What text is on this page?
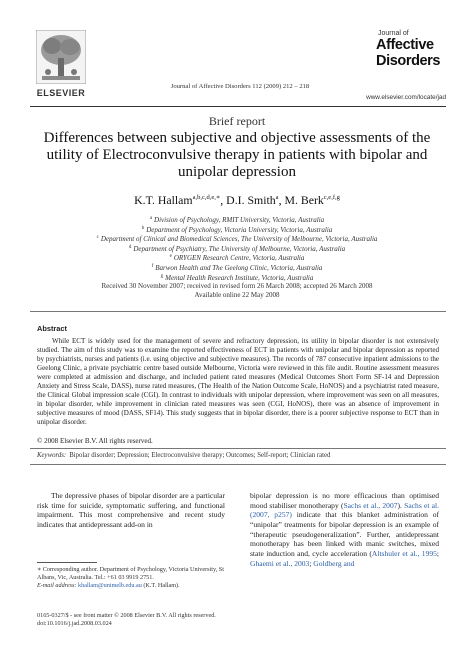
ELSEVIER
Journal of Affective Disorders 112 (2009) 212 – 218
Journal of
Affective
Disorders
www.elsevier.com/locate/jad
Brief report
Differences between subjective and objective assessments of the utility of Electroconvulsive therapy in patients with bipolar and unipolar depression
K.T. Hallam$^{a,b,c,d,e,∗}$, D.I. Smith$^a$, M. Berk$^{c,e,f,g}$
$^a$ Division of Psychology, RMIT University, Victoria, Australia
$^b$ Department of Psychology, Victoria University, Victoria, Australia
$^c$ Department of Clinical and Biomedical Sciences, The University of Melbourne, Victoria, Australia
$^d$ Department of Psychiatry, The University of Melbourne, Victoria, Australia
$^e$ ORYGEN Research Centre, Victoria, Australia
$^f$ Barwon Health and The Geelong Clinic, Victoria, Australia
$^g$ Mental Health Research Institute, Victoria, Australia
Received 30 November 2007; received in revised form 26 March 2008; accepted 26 March 2008
Available online 22 May 2008
Abstract
While ECT is widely used for the management of severe and refractory depression, its utility in bipolar disorder is not extensively studied. The aim of this study was to examine the reported effectiveness of ECT in patients with unipolar and bipolar depression as reported by psychiatrists, nurses and patients (i.e. using objective and subjective measures). The records of 787 consecutive inpatient admissions to the Geelong Clinic, a private psychiatric centre based outside Melbourne, Victoria were reviewed in this file audit. Routine assessment measures were completed at admission and discharge, and included patient rated measures (Medical Outcomes Short Form SF-14 and Depression Anxiety and Stress Scale, DASS), nurse rated measures, (The Health of the Nation Outcome Scale, HoNOS) and a psychiatrist rated measure, the Clinical Global impression scale (CGI). In contrast to individuals with unipolar depression, where improvement was seen on all measures, in bipolar disorder, while improvement in clinician rated measures was seen (CGI, HoNOS), there was an absence of improvement in subjective measures of mood (DASS, SF14). This study suggests that in bipolar disorder, there is a poorer subjective response to ECT than in unipolar disorder.
© 2008 Elsevier B.V. All rights reserved.
Keywords: Bipolar disorder; Depression; Electroconvulsive therapy; Outcomes; Self-report; Clinician rated
The depressive phases of bipolar disorder are a particular risk time for suicide, symptomatic suffering, and functional impairment. This most comprehensive and recent study indicates that antidepressant add-on in
bipolar depression is no more efficacious than optimised mood stabiliser monotherapy (Sachs et al., 2007). Sachs et al. (2007, p257) indicate that this blanket administration of “unipolar” treatments for bipolar depression is an example of “therapeutic pseudogeneralization”. Further, antidepressant monotherapy has been linked with manic switches, mixed state induction and, cycle acceleration (Altshuler et al., 1995; Ghaemi et al., 2003; Goldberg and
∗ Corresponding author. Department of Psychology, Victoria University, St Albans, Vic, Australia. Tel.: +61 03 9919 2751.
E-mail address: khallam@unimelb.edu.au (K.T. Hallam).
0165-0327/$ - see front matter © 2008 Elsevier B.V. All rights reserved.
doi:10.1016/j.jad.2008.03.024
